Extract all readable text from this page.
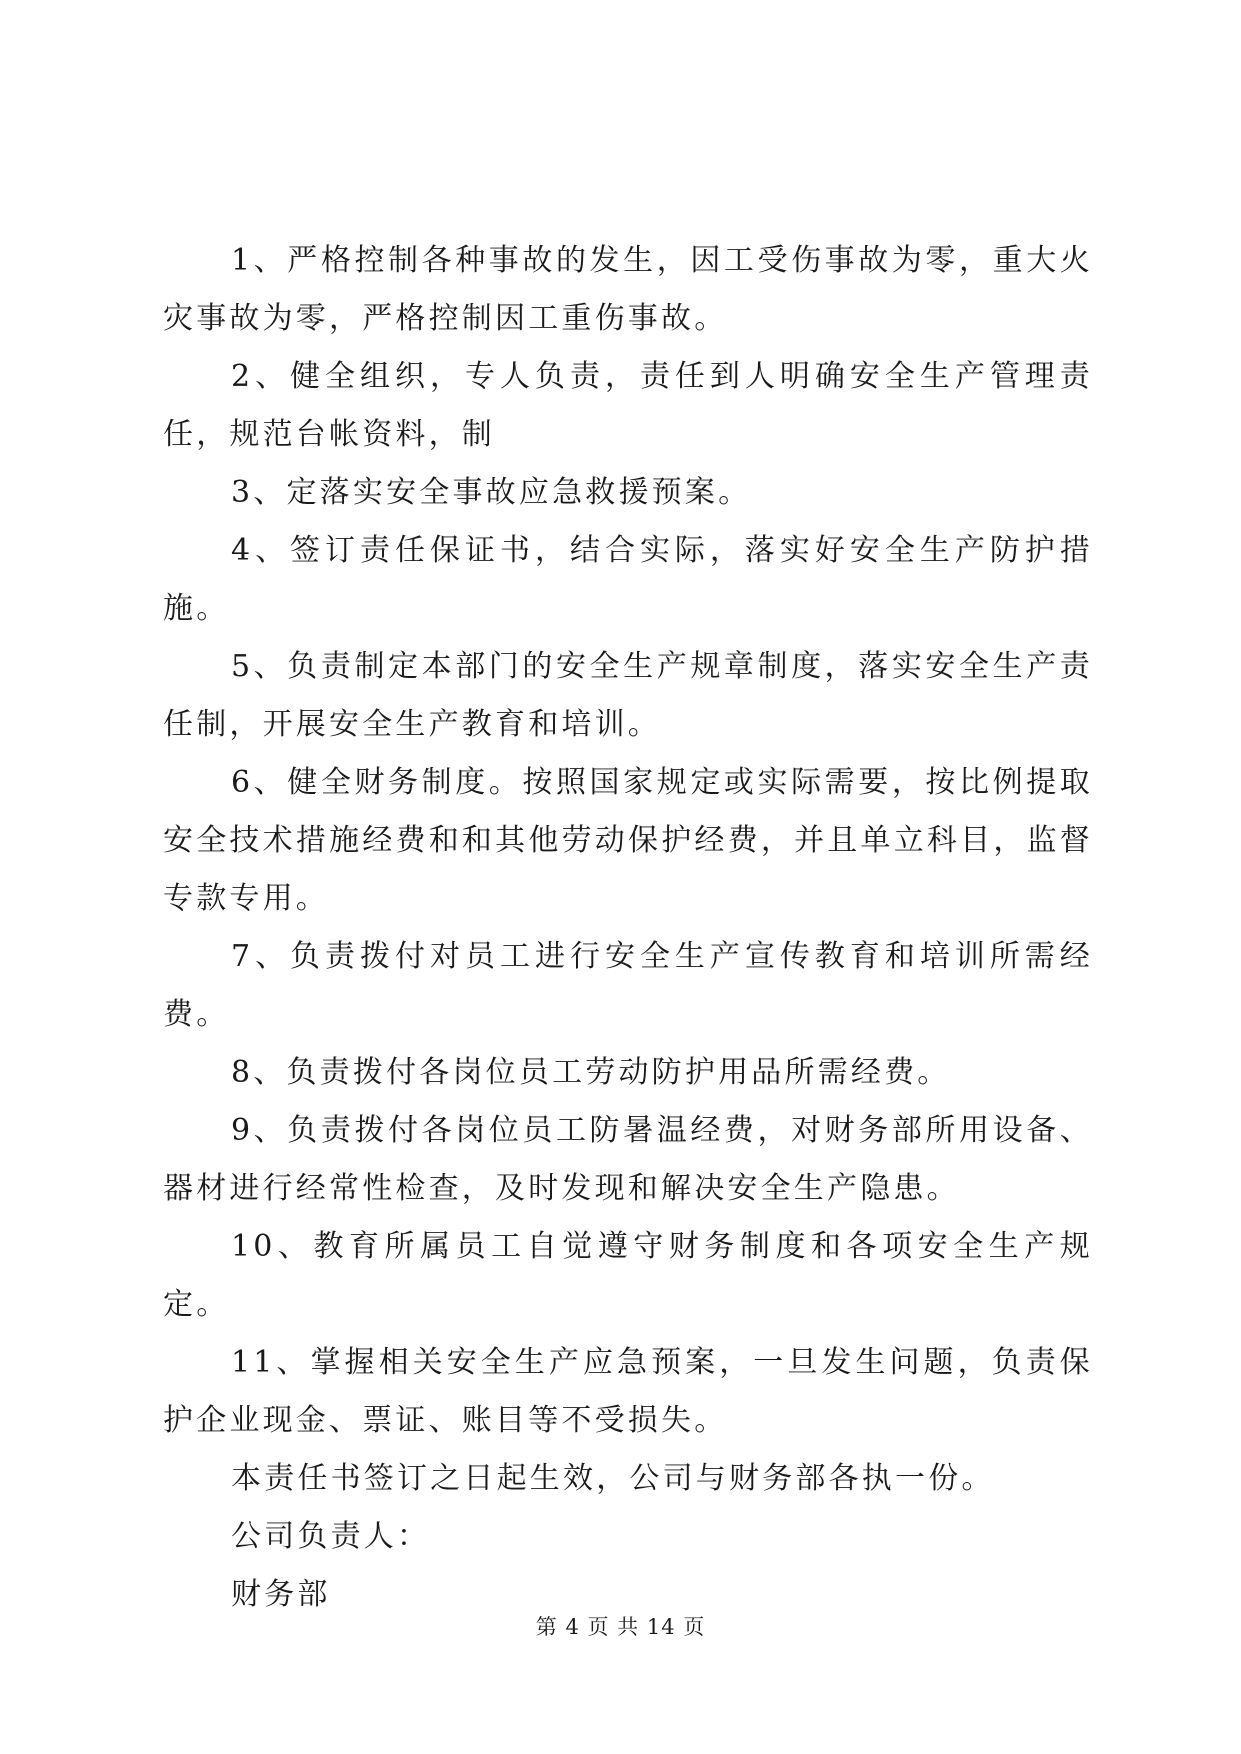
1、严格控制各种事故的发生，因工受伤事故为零，重大火灾事故为零，严格控制因工重伤事故。

2、健全组织，专人负责，责任到人明确安全生产管理责任，规范台帐资料，制

3、定落实安全事故应急救援预案。

4、签订责任保证书，结合实际，落实好安全生产防护措施。

5、负责制定本部门的安全生产规章制度，落实安全生产责任制，开展安全生产教育和培训。

6、健全财务制度。按照国家规定或实际需要，按比例提取安全技术措施经费和和其他劳动保护经费，并且单立科目，监督专款专用。

7、负责拨付对员工进行安全生产宣传教育和培训所需经费。

8、负责拨付各岗位员工劳动防护用品所需经费。

9、负责拨付各岗位员工防暑温经费，对财务部所用设备、器材进行经常性检查，及时发现和解决安全生产隐患。

10、教育所属员工自觉遵守财务制度和各项安全生产规定。

11、掌握相关安全生产应急预案，一旦发生问题，负责保护企业现金、票证、账目等不受损失。

本责任书签订之日起生效，公司与财务部各执一份。

公司负责人：

财务部

第 4 页 共 14 页
